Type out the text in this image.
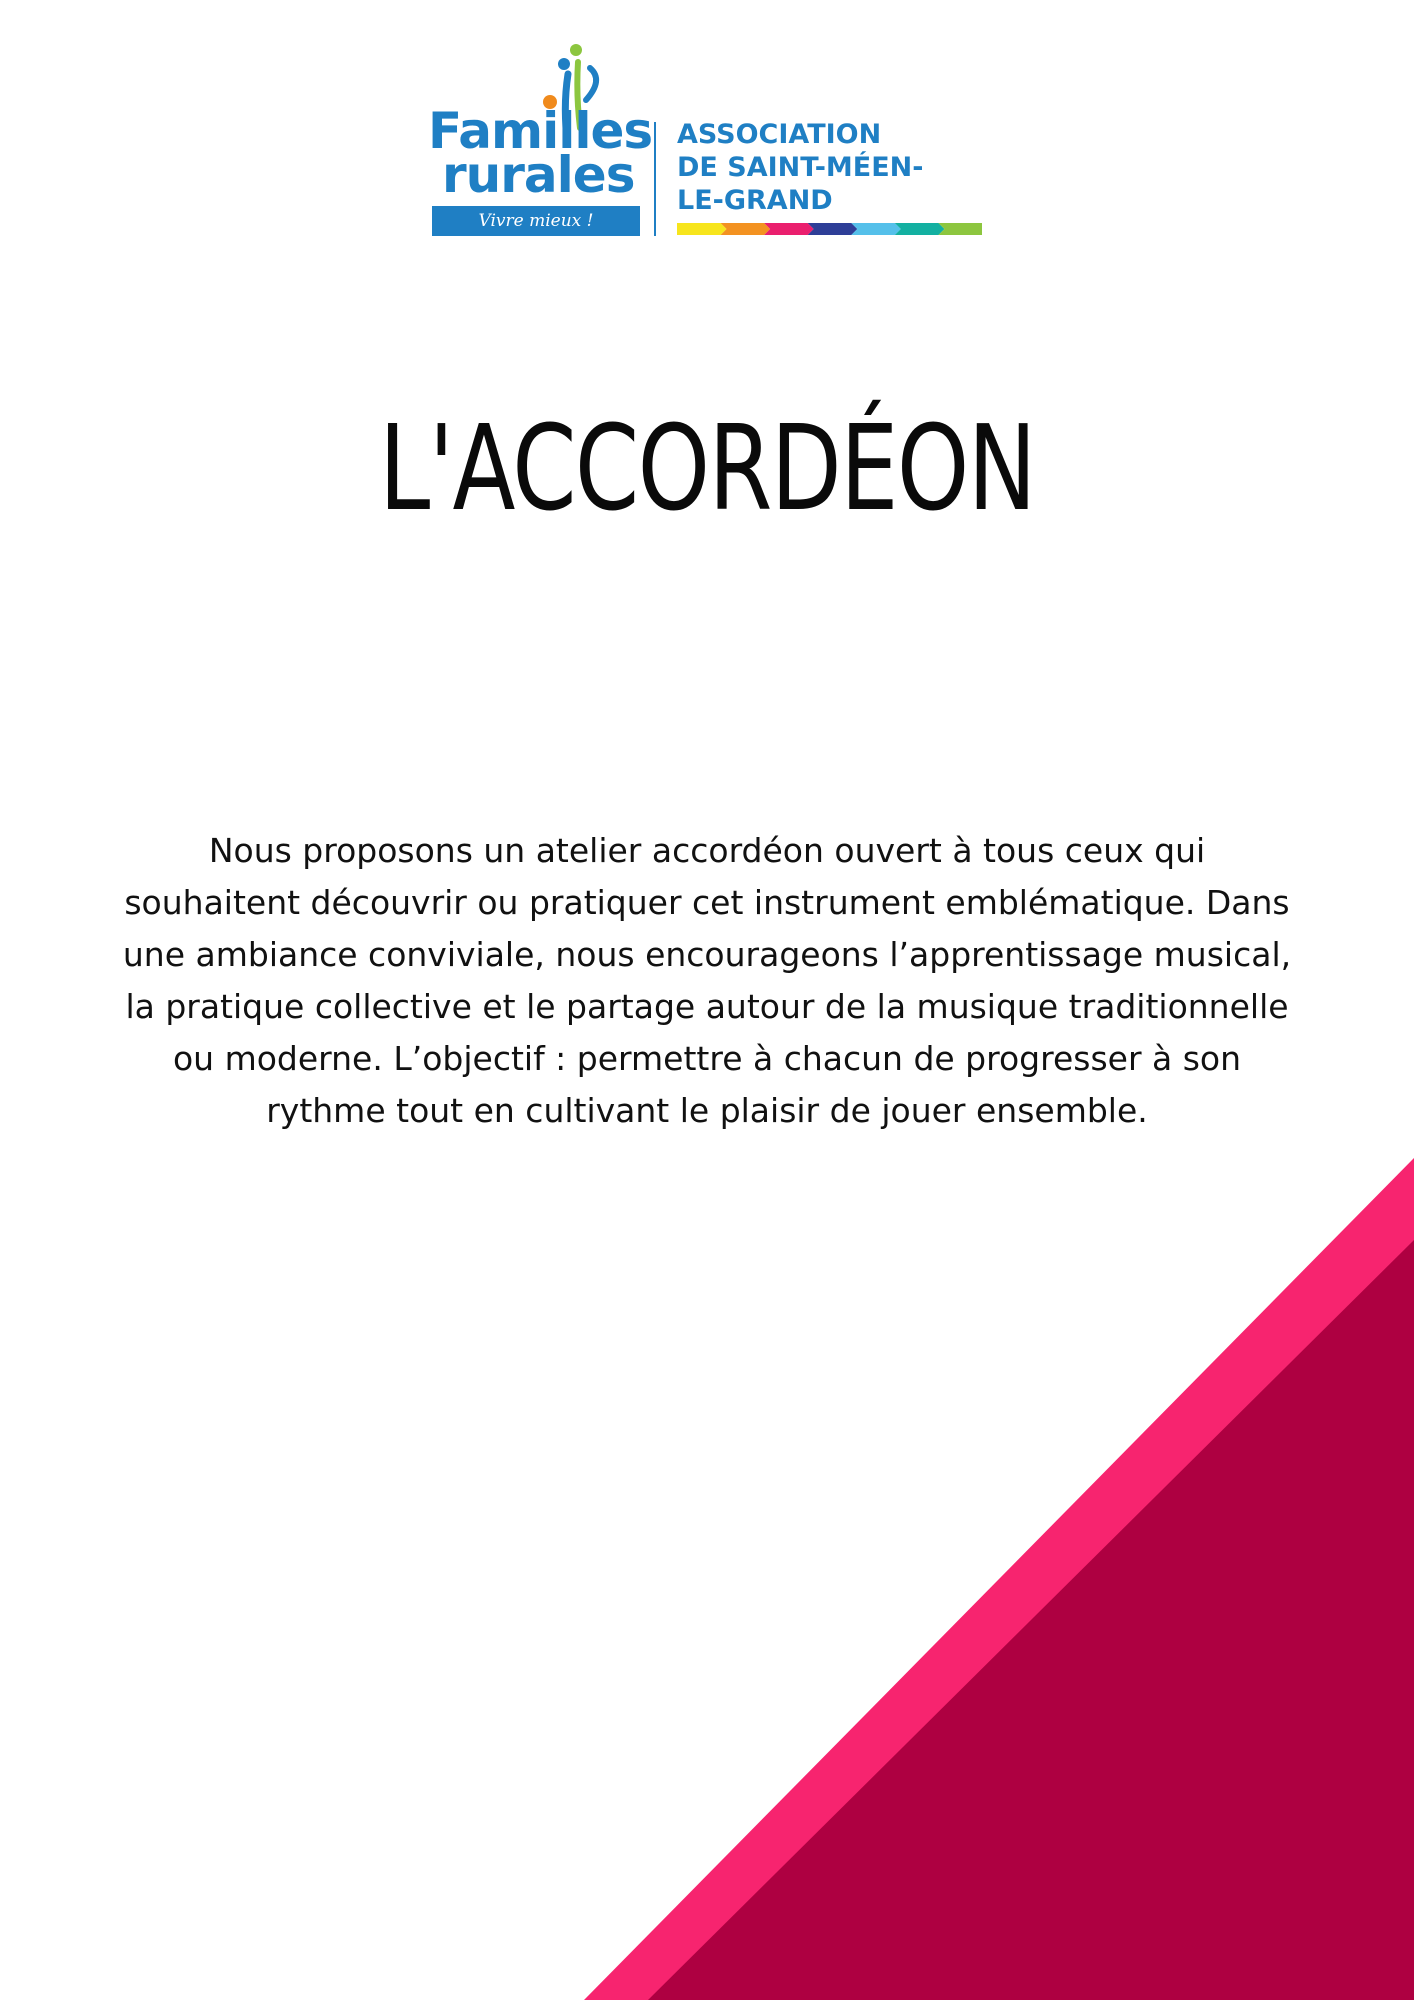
Familles
rurales
Vivre mieux !
ASSOCIATION
DE SAINT-MÉEN-
LE-GRAND
L'ACCORDÉON

Nous proposons un atelier accordéon ouvert à tous ceux qui souhaitent découvrir ou pratiquer cet instrument emblématique. Dans une ambiance conviviale, nous encourageons l’apprentissage musical, la pratique collective et le partage autour de la musique traditionnelle ou moderne. L’objectif : permettre à chacun de progresser à son rythme tout en cultivant le plaisir de jouer ensemble.
